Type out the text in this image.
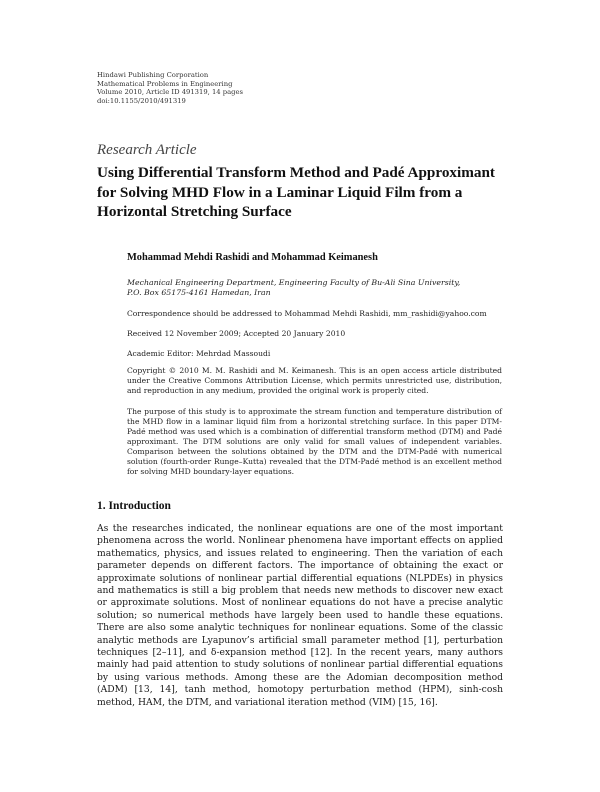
Hindawi Publishing Corporation
Mathematical Problems in Engineering
Volume 2010, Article ID 491319, 14 pages
doi:10.1155/2010/491319
Research Article
Using Differential Transform Method and Padé Approximant for Solving MHD Flow in a Laminar Liquid Film from a Horizontal Stretching Surface
Mohammad Mehdi Rashidi and Mohammad Keimanesh
Mechanical Engineering Department, Engineering Faculty of Bu-Ali Sina University,
P.O. Box 65175-4161 Hamedan, Iran
Correspondence should be addressed to Mohammad Mehdi Rashidi, mm_rashidi@yahoo.com
Received 12 November 2009; Accepted 20 January 2010
Academic Editor: Mehrdad Massoudi
Copyright © 2010 M. M. Rashidi and M. Keimanesh. This is an open access article distributed under the Creative Commons Attribution License, which permits unrestricted use, distribution, and reproduction in any medium, provided the original work is properly cited.
The purpose of this study is to approximate the stream function and temperature distribution of the MHD flow in a laminar liquid film from a horizontal stretching surface. In this paper DTM-Padé method was used which is a combination of differential transform method (DTM) and Padé approximant. The DTM solutions are only valid for small values of independent variables. Comparison between the solutions obtained by the DTM and the DTM-Padé with numerical solution (fourth-order Runge–Kutta) revealed that the DTM-Padé method is an excellent method for solving MHD boundary-layer equations.
1. Introduction
As the researches indicated, the nonlinear equations are one of the most important phenomena across the world. Nonlinear phenomena have important effects on applied mathematics, physics, and issues related to engineering. Then the variation of each parameter depends on different factors. The importance of obtaining the exact or approximate solutions of nonlinear partial differential equations (NLPDEs) in physics and mathematics is still a big problem that needs new methods to discover new exact or approximate solutions. Most of nonlinear equations do not have a precise analytic solution; so numerical methods have largely been used to handle these equations. There are also some analytic techniques for nonlinear equations. Some of the classic analytic methods are Lyapunov’s artificial small parameter method [1], perturbation techniques [2–11], and δ-expansion method [12]. In the recent years, many authors mainly had paid attention to study solutions of nonlinear partial differential equations by using various methods. Among these are the Adomian decomposition method (ADM) [13, 14], tanh method, homotopy perturbation method (HPM), sinh-cosh method, HAM, the DTM, and variational iteration method (VIM) [15, 16].
